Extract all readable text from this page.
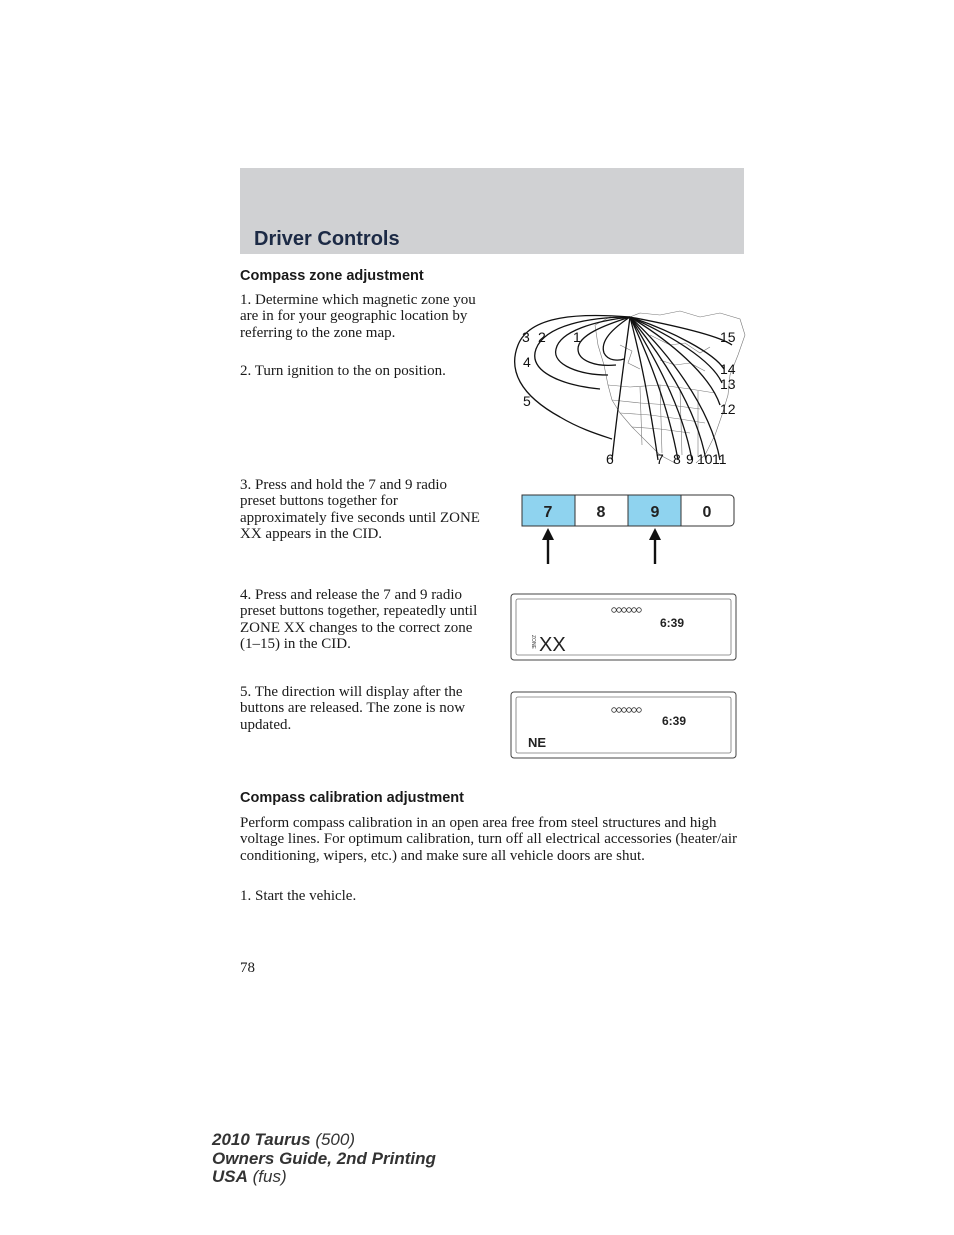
Driver Controls
Compass zone adjustment

1. Determine which magnetic zone you are in for your geographic location by referring to the zone map.

2. Turn ignition to the on position.

3 2 1
4
5
6	7 8 9 10 11
12
13
14
15

3. Press and hold the 7 and 9 radio preset buttons together for approximately five seconds until ZONE XX appears in the CID.

7	8	9	0

4. Press and release the 7 and 9 radio preset buttons together, repeatedly until ZONE XX changes to the correct zone (1–15) in the CID.

6:39
ZONE XX

5. The direction will display after the buttons are released. The zone is now updated.	6:39
NE
Compass calibration adjustment

Perform compass calibration in an open area free from steel structures and high voltage lines. For optimum calibration, turn off all electrical accessories (heater/air conditioning, wipers, etc.) and make sure all vehicle doors are shut.

1. Start the vehicle.

78
2010 Taurus (500)
Owners Guide, 2nd Printing
USA (fus)
